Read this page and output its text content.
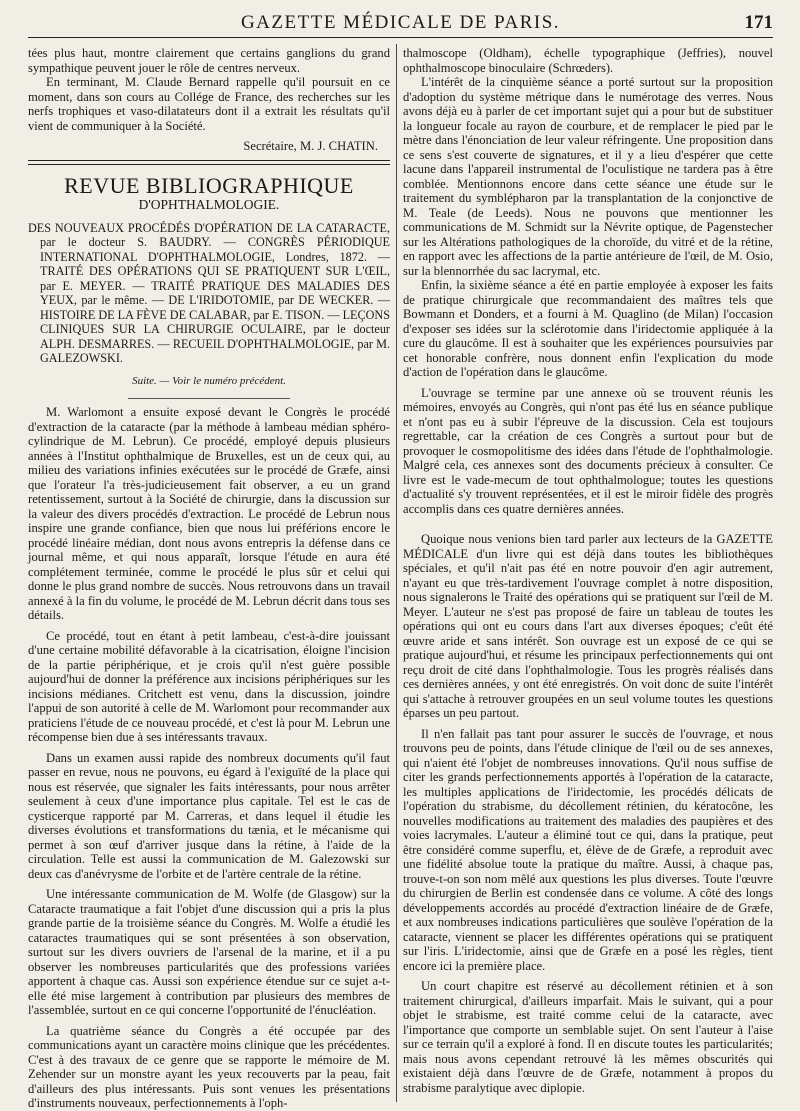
GAZETTE MÉDICALE DE PARIS.	171

tées plus haut, montre clairement que certains ganglions du grand sympathique peuvent jouer le rôle de centres nerveux.

En terminant, M. Claude Bernard rappelle qu'il poursuit en ce moment, dans son cours au Collége de France, des recherches sur les nerfs trophiques et vaso-dilatateurs dont il a extrait les résultats qu'il vient de communiquer à la Société.

Secrétaire, M. J. CHATIN.

REVUE BIBLIOGRAPHIQUE
D'OPHTHALMOLOGIE.

DES NOUVEAUX PROCÉDÉS D'OPÉRATION DE LA CATARACTE, par le docteur S. BAUDRY. — CONGRÈS PÉRIODIQUE INTERNATIONAL D'OPHTHALMOLOGIE, Londres, 1872. — TRAITÉ DES OPÉRATIONS QUI SE PRATIQUENT SUR L'ŒIL, par E. MEYER. — TRAITÉ PRATIQUE DES MALADIES DES YEUX, par le même. — DE L'IRIDOTOMIE, par DE WECKER. — HISTOIRE DE LA FÈVE DE CALABAR, par E. TISON. — LEÇONS CLINIQUES SUR LA CHIRURGIE OCULAIRE, par le docteur ALPH. DESMARRES. — RECUEIL D'OPHTHALMOLOGIE, par M. GALEZOWSKI.

Suite. — Voir le numéro précédent.

M. Warlomont a ensuite exposé devant le Congrès le procédé d'extraction de la cataracte (par la méthode à lambeau médian sphéro-cylindrique de M. Lebrun). Ce procédé, employé depuis plusieurs années à l'Institut ophthalmique de Bruxelles, est un de ceux qui, au milieu des variations infinies exécutées sur le procédé de Græfe, ainsi que l'orateur l'a très-judicieusement fait observer, a eu un grand retentissement, surtout à la Société de chirurgie, dans la discussion sur la valeur des divers procédés d'extraction. Le procédé de Lebrun nous inspire une grande confiance, bien que nous lui préférions encore le procédé linéaire médian, dont nous avons entrepris la défense dans ce journal même, et qui nous apparaît, lorsque l'étude en aura été complétement terminée, comme le procédé le plus sûr et celui qui donne le plus grand nombre de succès. Nous retrouvons dans un travail annexé à la fin du volume, le procédé de M. Lebrun décrit dans tous ses détails.

Ce procédé, tout en étant à petit lambeau, c'est-à-dire jouissant d'une certaine mobilité défavorable à la cicatrisation, éloigne l'incision de la partie périphérique, et je crois qu'il n'est guère possible aujourd'hui de donner la préférence aux incisions périphériques sur les incisions médianes. Critchett est venu, dans la discussion, joindre l'appui de son autorité à celle de M. Warlomont pour recommander aux praticiens l'étude de ce nouveau procédé, et c'est là pour M. Lebrun une récompense bien due à ses intéressants travaux.

Dans un examen aussi rapide des nombreux documents qu'il faut passer en revue, nous ne pouvons, eu égard à l'exiguïté de la place qui nous est réservée, que signaler les faits intéressants, pour nous arrêter seulement à ceux d'une importance plus capitale. Tel est le cas de cysticerque rapporté par M. Carreras, et dans lequel il étudie les diverses évolutions et transformations du tænia, et le mécanisme qui permet à son œuf d'arriver jusque dans la rétine, à l'aide de la circulation. Telle est aussi la communication de M. Galezowski sur deux cas d'anévrysme de l'orbite et de l'artère centrale de la rétine.

Une intéressante communication de M. Wolfe (de Glasgow) sur la Cataracte traumatique a fait l'objet d'une discussion qui a pris la plus grande partie de la troisième séance du Congrès. M. Wolfe a étudié les cataractes traumatiques qui se sont présentées à son observation, surtout sur les divers ouvriers de l'arsenal de la marine, et il a pu observer les nombreuses particularités que des professions variées apportent à chaque cas. Aussi son expérience étendue sur ce sujet a-t-elle été mise largement à contribution par plusieurs des membres de l'assemblée, surtout en ce qui concerne l'opportunité de l'énucléation.

La quatrième séance du Congrès a été occupée par des communications ayant un caractère moins clinique que les précédentes. C'est à des travaux de ce genre que se rapporte le mémoire de M. Zehender sur un monstre ayant les yeux recouverts par la peau, fait d'ailleurs des plus intéressants. Puis sont venues les présentations d'instruments nouveaux, perfectionnements à l'oph-

thalmoscope (Oldham), échelle typographique (Jeffries), nouvel ophthalmoscope binoculaire (Schrœders).

L'intérêt de la cinquième séance a porté surtout sur la proposition d'adoption du système métrique dans le numérotage des verres. Nous avons déjà eu à parler de cet important sujet qui a pour but de substituer la longueur focale au rayon de courbure, et de remplacer le pied par le mètre dans l'énonciation de leur valeur réfringente. Une proposition dans ce sens s'est couverte de signatures, et il y a lieu d'espérer que cette lacune dans l'appareil instrumental de l'oculistique ne tardera pas à être comblée. Mentionnons encore dans cette séance une étude sur le traitement du symblépharon par la transplantation de la conjonctive de M. Teale (de Leeds). Nous ne pouvons que mentionner les communications de M. Schmidt sur la Névrite optique, de Pagenstecher sur les Altérations pathologiques de la choroïde, du vitré et de la rétine, en rapport avec les affections de la partie antérieure de l'œil, de M. Osio, sur la blennorrhée du sac lacrymal, etc.

Enfin, la sixième séance a été en partie employée à exposer les faits de pratique chirurgicale que recommandaient des maîtres tels que Bowmann et Donders, et a fourni à M. Quaglino (de Milan) l'occasion d'exposer ses idées sur la sclérotomie dans l'iridectomie appliquée à la cure du glaucôme. Il est à souhaiter que les expériences poursuivies par cet honorable confrère, nous donnent enfin l'explication du mode d'action de l'opération dans le glaucôme.

L'ouvrage se termine par une annexe où se trouvent réunis les mémoires, envoyés au Congrès, qui n'ont pas été lus en séance publique et n'ont pas eu à subir l'épreuve de la discussion. Cela est toujours regrettable, car la création de ces Congrès a surtout pour but de provoquer le cosmopolitisme des idées dans l'étude de l'ophthalmologie. Malgré cela, ces annexes sont des documents précieux à consulter. Ce livre est le vade-mecum de tout ophthalmologue; toutes les questions d'actualité s'y trouvent représentées, et il est le miroir fidèle des progrès accomplis dans ces quatre dernières années.

Quoique nous venions bien tard parler aux lecteurs de la GAZETTE MÉDICALE d'un livre qui est déjà dans toutes les bibliothèques spéciales, et qu'il n'ait pas été en notre pouvoir d'en agir autrement, n'ayant eu que très-tardivement l'ouvrage complet à notre disposition, nous signalerons le Traité des opérations qui se pratiquent sur l'œil de M. Meyer. L'auteur ne s'est pas proposé de faire un tableau de toutes les opérations qui ont eu cours dans l'art aux diverses époques; c'eût été œuvre aride et sans intérêt. Son ouvrage est un exposé de ce qui se pratique aujourd'hui, et résume les principaux perfectionnements qui ont reçu droit de cité dans l'ophthalmologie. Tous les progrès réalisés dans ces dernières années, y ont été enregistrés. On voit donc de suite l'intérêt qui s'attache à retrouver groupées en un seul volume toutes les questions éparses un peu partout.

Il n'en fallait pas tant pour assurer le succès de l'ouvrage, et nous trouvons peu de points, dans l'étude clinique de l'œil ou de ses annexes, qui n'aient été l'objet de nombreuses innovations. Qu'il nous suffise de citer les grands perfectionnements apportés à l'opération de la cataracte, les multiples applications de l'iridectomie, les procédés délicats de l'opération du strabisme, du décollement rétinien, du kératocône, les nouvelles modifications au traitement des maladies des paupières et des voies lacrymales. L'auteur a éliminé tout ce qui, dans la pratique, peut être considéré comme superflu, et, élève de de Græfe, a reproduit avec une fidélité absolue toute la pratique du maître. Aussi, à chaque pas, trouve-t-on son nom mêlé aux questions les plus diverses. Toute l'œuvre du chirurgien de Berlin est condensée dans ce volume. A côté des longs développements accordés au procédé d'extraction linéaire de de Græfe, et aux nombreuses indications particulières que soulève l'opération de la cataracte, viennent se placer les différentes opérations qui se pratiquent sur l'iris. L'iridectomie, ainsi que de Græfe en a posé les règles, tient encore ici la première place.

Un court chapitre est réservé au décollement rétinien et à son traitement chirurgical, d'ailleurs imparfait. Mais le suivant, qui a pour objet le strabisme, est traité comme celui de la cataracte, avec l'importance que comporte un semblable sujet. On sent l'auteur à l'aise sur ce terrain qu'il a exploré à fond. Il en discute toutes les particularités; mais nous avons cependant retrouvé là les mêmes obscurités qui existaient déjà dans l'œuvre de de Græfe, notamment à propos du strabisme paralytique avec diplopie.
